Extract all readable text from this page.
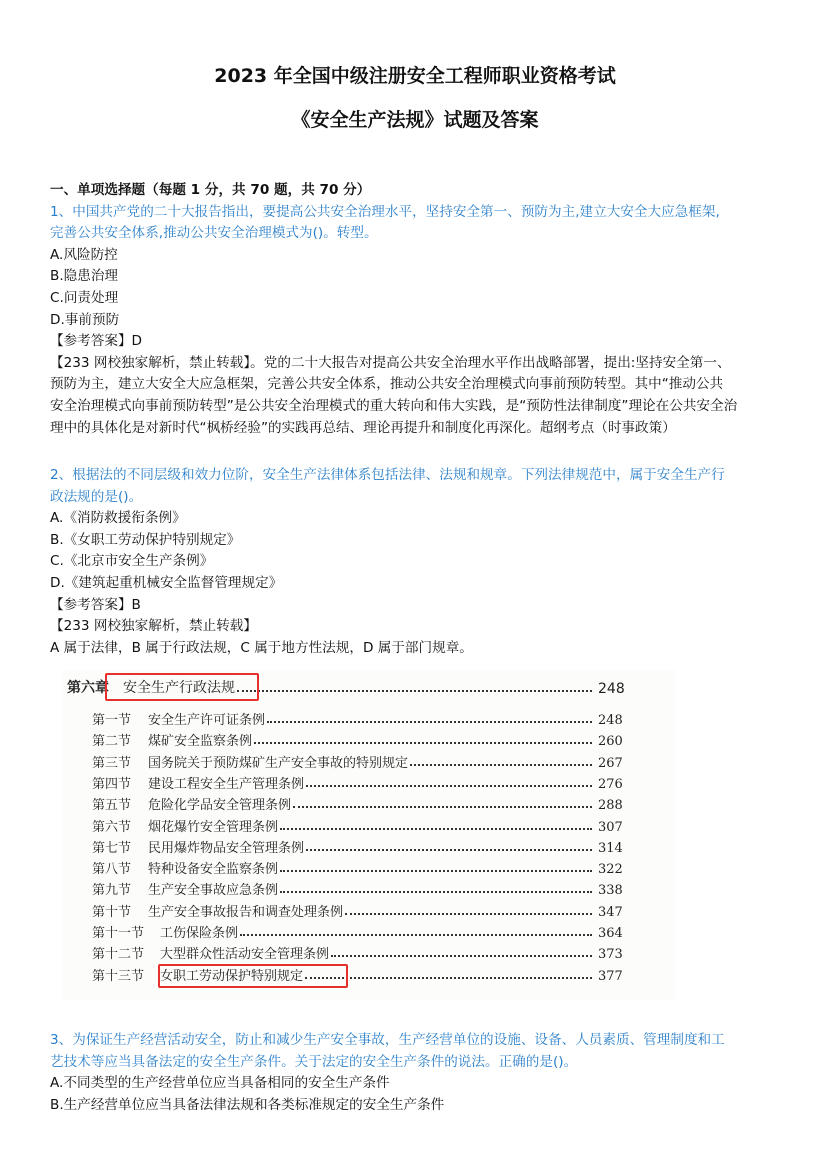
2023 年全国中级注册安全工程师职业资格考试
《安全生产法规》试题及答案
一、单项选择题（每题 1 分，共 70 题，共 70 分）
1、中国共产党的二十大报告指出，要提高公共安全治理水平，坚持安全第一、预防为主,建立大安全大应急框架,
完善公共安全体系,推动公共安全治理模式为()。转型。
A.风险防控
B.隐患治理
C.问责处理
D.事前预防
【参考答案】D
【233 网校独家解析，禁止转载】。党的二十大报告对提高公共安全治理水平作出战略部署，提出:坚持安全第一、
预防为主，建立大安全大应急框架，完善公共安全体系，推动公共安全治理模式向事前预防转型。其中“推动公共
安全治理模式向事前预防转型”是公共安全治理模式的重大转向和伟大实践，是“预防性法律制度”理论在公共安全治
理中的具体化是对新时代“枫桥经验”的实践再总结、理论再提升和制度化再深化。超纲考点（时事政策）
2、根据法的不同层级和效力位阶，安全生产法律体系包括法律、法规和规章。下列法律规范中，属于安全生产行
政法规的是()。
A.《消防救援衔条例》
B.《女职工劳动保护特别规定》
C.《北京市安全生产条例》
D.《建筑起重机械安全监督管理规定》
【参考答案】B
【233 网校独家解析，禁止转载】
A 属于法律，B 属于行政法规，C 属于地方性法规，D 属于部门规章。
第六章	安全生产行政法规	248
第一节	安全生产许可证条例	248
第二节	煤矿安全监察条例	260
第三节	国务院关于预防煤矿生产安全事故的特别规定	267
第四节	建设工程安全生产管理条例	276
第五节	危险化学品安全管理条例	288
第六节	烟花爆竹安全管理条例	307
第七节	民用爆炸物品安全管理条例	314
第八节	特种设备安全监察条例	322
第九节	生产安全事故应急条例	338
第十节	生产安全事故报告和调查处理条例	347
第十一节	工伤保险条例	364
第十二节	大型群众性活动安全管理条例	373
第十三节	女职工劳动保护特别规定	377
3、为保证生产经营活动安全，防止和减少生产安全事故，生产经营单位的设施、设备、人员素质、管理制度和工
艺技术等应当具备法定的安全生产条件。关于法定的安全生产条件的说法。正确的是()。
A.不同类型的生产经营单位应当具备相同的安全生产条件
B.生产经营单位应当具备法律法规和各类标准规定的安全生产条件
